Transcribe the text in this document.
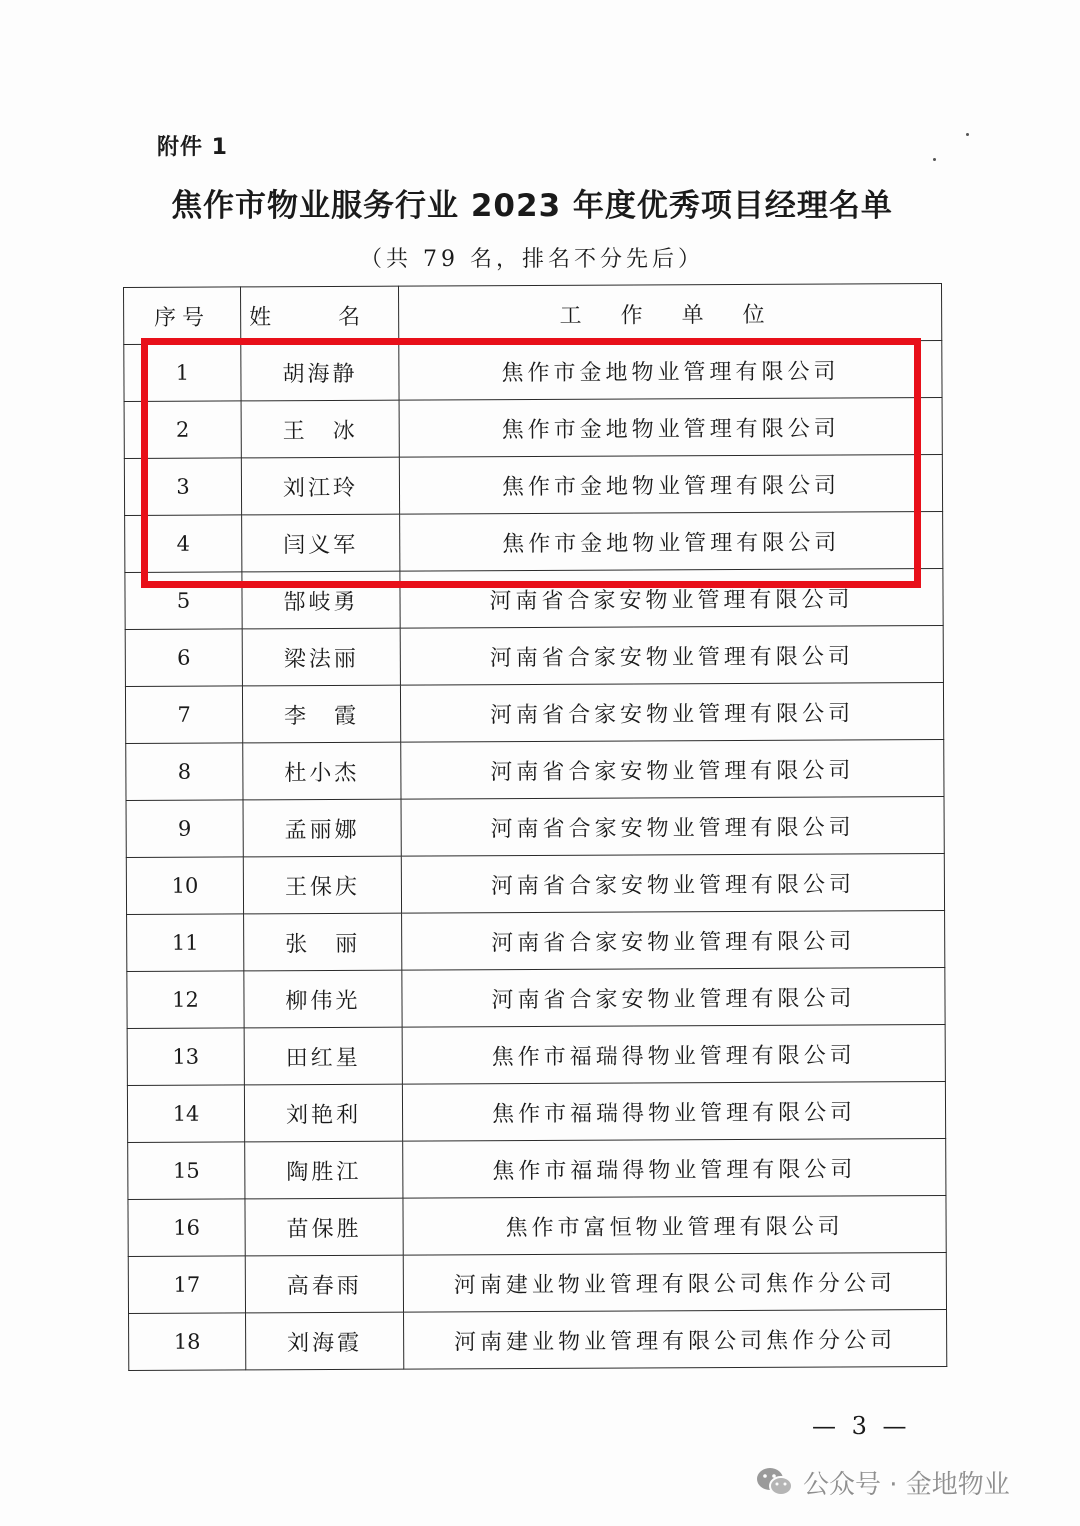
附件 1
焦作市物业服务行业 2023 年度优秀项目经理名单
（共 79 名，排名不分先后）
序号	姓 名	工 作 单 位
1	胡海静	焦作市金地物业管理有限公司
2	王　冰	焦作市金地物业管理有限公司
3	刘江玲	焦作市金地物业管理有限公司
4	闫义军	焦作市金地物业管理有限公司
5	郜岐勇	河南省合家安物业管理有限公司
6	梁法丽	河南省合家安物业管理有限公司
7	李　霞	河南省合家安物业管理有限公司
8	杜小杰	河南省合家安物业管理有限公司
9	孟丽娜	河南省合家安物业管理有限公司
10	王保庆	河南省合家安物业管理有限公司
11	张　丽	河南省合家安物业管理有限公司
12	柳伟光	河南省合家安物业管理有限公司
13	田红星	焦作市福瑞得物业管理有限公司
14	刘艳利	焦作市福瑞得物业管理有限公司
15	陶胜江	焦作市福瑞得物业管理有限公司
16	苗保胜	焦作市富恒物业管理有限公司
17	高春雨	河南建业物业管理有限公司焦作分公司
18	刘海霞	河南建业物业管理有限公司焦作分公司
— 3 —
公众号 · 金地物业
